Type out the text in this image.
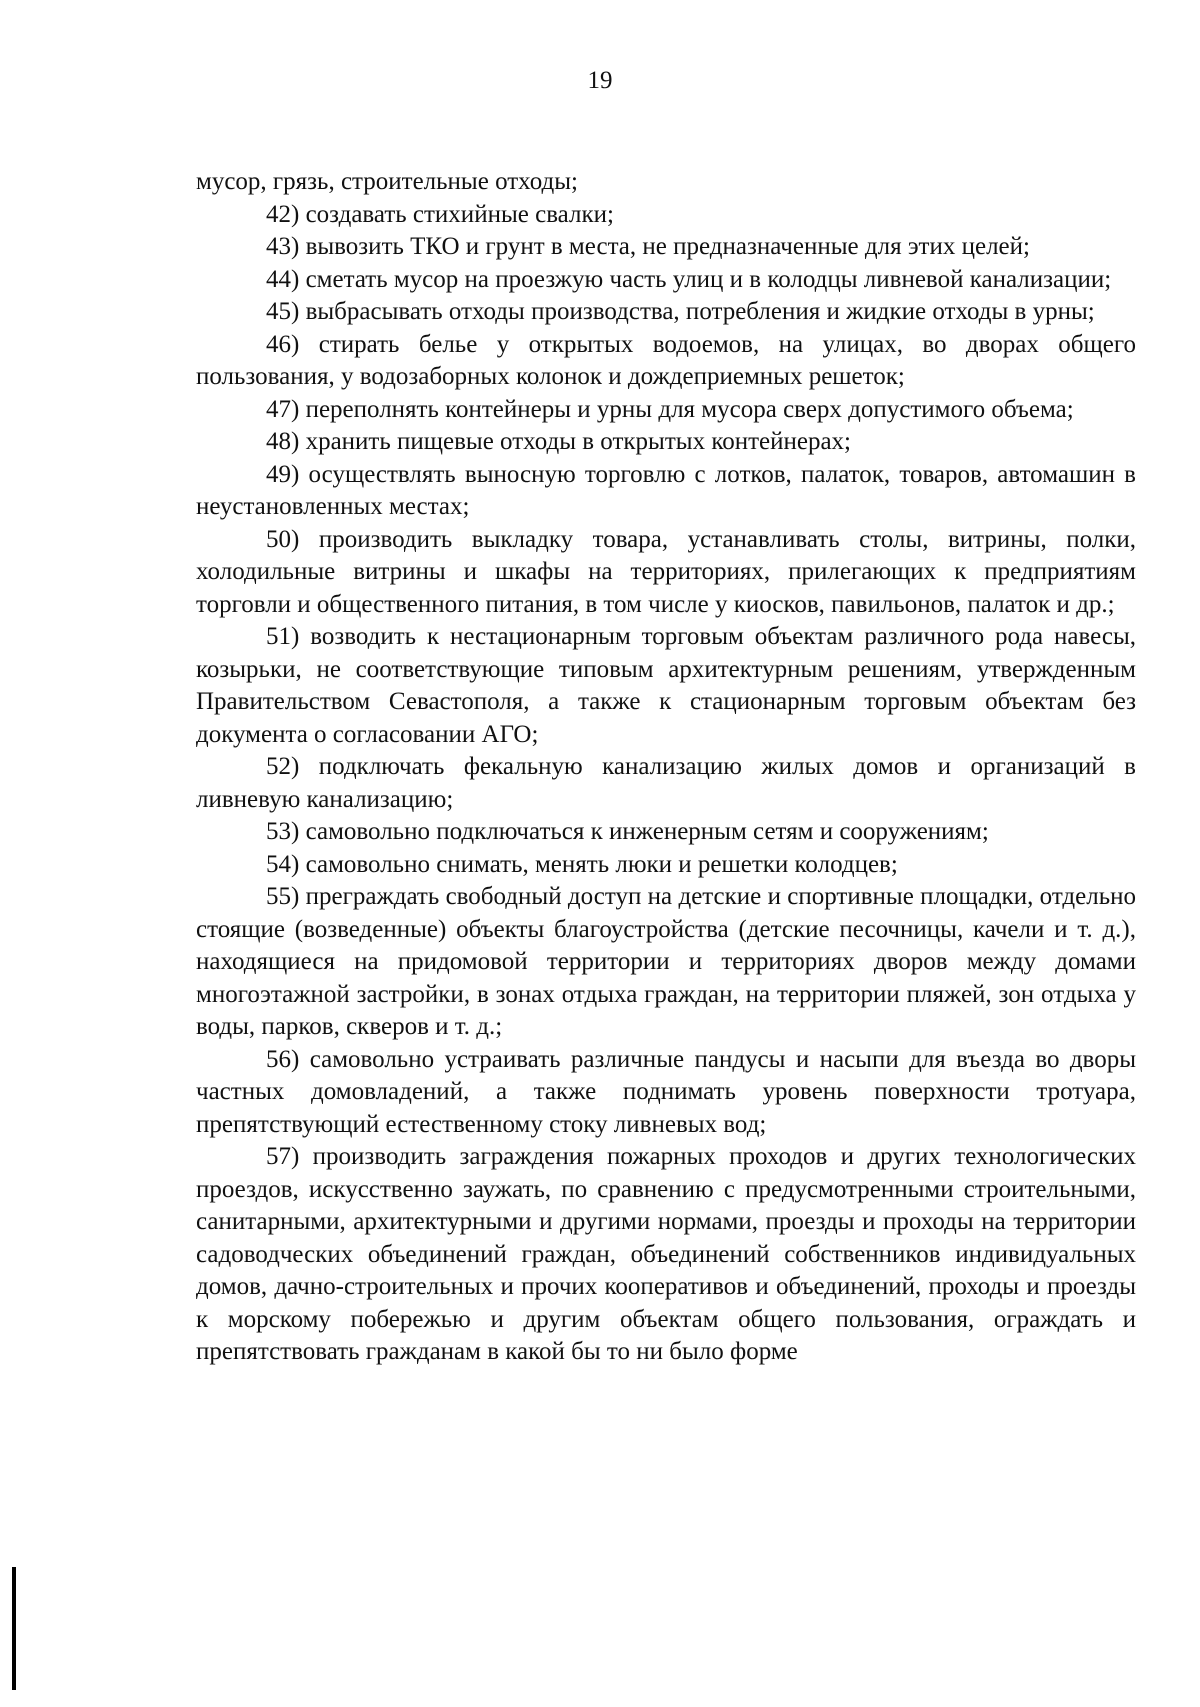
19

мусор, грязь, строительные отходы;

42) создавать стихийные свалки;

43) вывозить ТКО и грунт в места, не предназначенные для этих целей;

44) сметать мусор на проезжую часть улиц и в колодцы ливневой канализации;

45) выбрасывать отходы производства, потребления и жидкие отходы в урны;

46) стирать белье у открытых водоемов, на улицах, во дворах общего пользования, у водозаборных колонок и дождеприемных решеток;

47) переполнять контейнеры и урны для мусора сверх допустимого объема;

48) хранить пищевые отходы в открытых контейнерах;

49) осуществлять выносную торговлю с лотков, палаток, товаров, автомашин в неустановленных местах;

50) производить выкладку товара, устанавливать столы, витрины, полки, холодильные витрины и шкафы на территориях, прилегающих к предприятиям торговли и общественного питания, в том числе у киосков, павильонов, палаток и др.;

51) возводить к нестационарным торговым объектам различного рода навесы, козырьки, не соответствующие типовым архитектурным решениям, утвержденным Правительством Севастополя, а также к стационарным торговым объектам без документа о согласовании АГО;

52) подключать фекальную канализацию жилых домов и организаций в ливневую канализацию;

53) самовольно подключаться к инженерным сетям и сооружениям;

54) самовольно снимать, менять люки и решетки колодцев;

55) преграждать свободный доступ на детские и спортивные площадки, отдельно стоящие (возведенные) объекты благоустройства (детские песочницы, качели и т. д.), находящиеся на придомовой территории и территориях дворов между домами многоэтажной застройки, в зонах отдыха граждан, на территории пляжей, зон отдыха у воды, парков, скверов и т. д.;

56) самовольно устраивать различные пандусы и насыпи для въезда во дворы частных домовладений, а также поднимать уровень поверхности тротуара, препятствующий естественному стоку ливневых вод;

57) производить заграждения пожарных проходов и других технологических проездов, искусственно заужать, по сравнению с предусмотренными строительными, санитарными, архитектурными и другими нормами, проезды и проходы на территории садоводческих объединений граждан, объединений собственников индивидуальных домов, дачно-строительных и прочих кооперативов и объединений, проходы и проезды к морскому побережью и другим объектам общего пользования, ограждать и препятствовать гражданам в какой бы то ни было форме
